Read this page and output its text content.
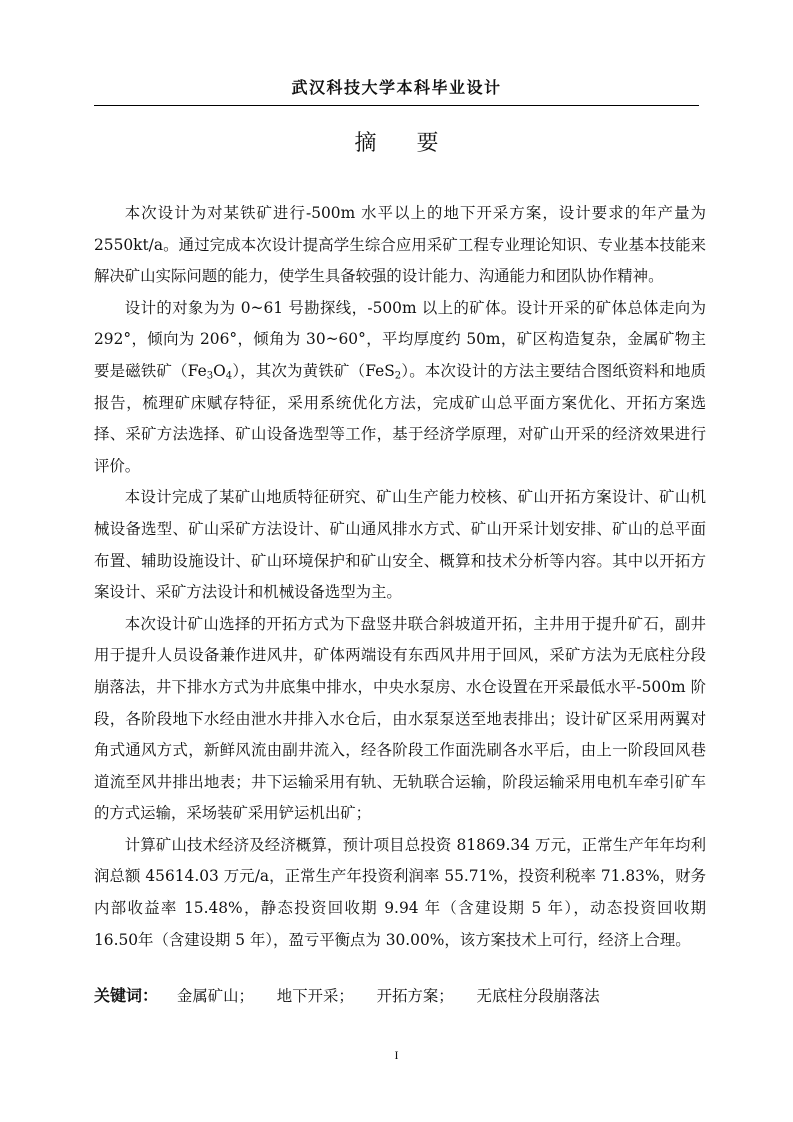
武汉科技大学本科毕业设计
摘 要

本次设计为对某铁矿进行-500m 水平以上的地下开采方案，设计要求的年产量为2550kt/a。通过完成本次设计提高学生综合应用采矿工程专业理论知识、专业基本技能来解决矿山实际问题的能力，使学生具备较强的设计能力、沟通能力和团队协作精神。

设计的对象为为 0~61 号勘探线，-500m 以上的矿体。设计开采的矿体总体走向为292°，倾向为 206°，倾角为 30~60°，平均厚度约 50m，矿区构造复杂，金属矿物主要是磁铁矿$(Fe_3O_4)$，其次为黄铁矿（FeS$_2$）。本次设计的方法主要结合图纸资料和地质报告，梳理矿床赋存特征，采用系统优化方法，完成矿山总平面方案优化、开拓方案选择、采矿方法选择、矿山设备选型等工作，基于经济学原理，对矿山开采的经济效果进行评价。

本设计完成了某矿山地质特征研究、矿山生产能力校核、矿山开拓方案设计、矿山机械设备选型、矿山采矿方法设计、矿山通风排水方式、矿山开采计划安排、矿山的总平面布置、辅助设施设计、矿山环境保护和矿山安全、概算和技术分析等内容。其中以开拓方案设计、采矿方法设计和机械设备选型为主。

本次设计矿山选择的开拓方式为下盘竖井联合斜坡道开拓，主井用于提升矿石，副井用于提升人员设备兼作进风井，矿体两端设有东西风井用于回风，采矿方法为无底柱分段崩落法，井下排水方式为井底集中排水，中央水泵房、水仓设置在开采最低水平-500m 阶段，各阶段地下水经由泄水井排入水仓后，由水泵泵送至地表排出；设计矿区采用两翼对角式通风方式，新鲜风流由副井流入，经各阶段工作面洗刷各水平后，由上一阶段回风巷道流至风井排出地表；井下运输采用有轨、无轨联合运输，阶段运输采用电机车牵引矿车的方式运输，采场装矿采用铲运机出矿；

计算矿山技术经济及经济概算，预计项目总投资 81869.34 万元，正常生产年年均利润总额 45614.03 万元/a，正常生产年投资利润率 55.71%，投资利税率 71.83%，财务内部收益率 15.48%，静态投资回收期 9.94 年（含建设期 5 年），动态投资回收期 16.50年（含建设期 5 年），盈亏平衡点为 30.00%，该方案技术上可行，经济上合理。

关键词： 金属矿山； 地下开采； 开拓方案； 无底柱分段崩落法
I
